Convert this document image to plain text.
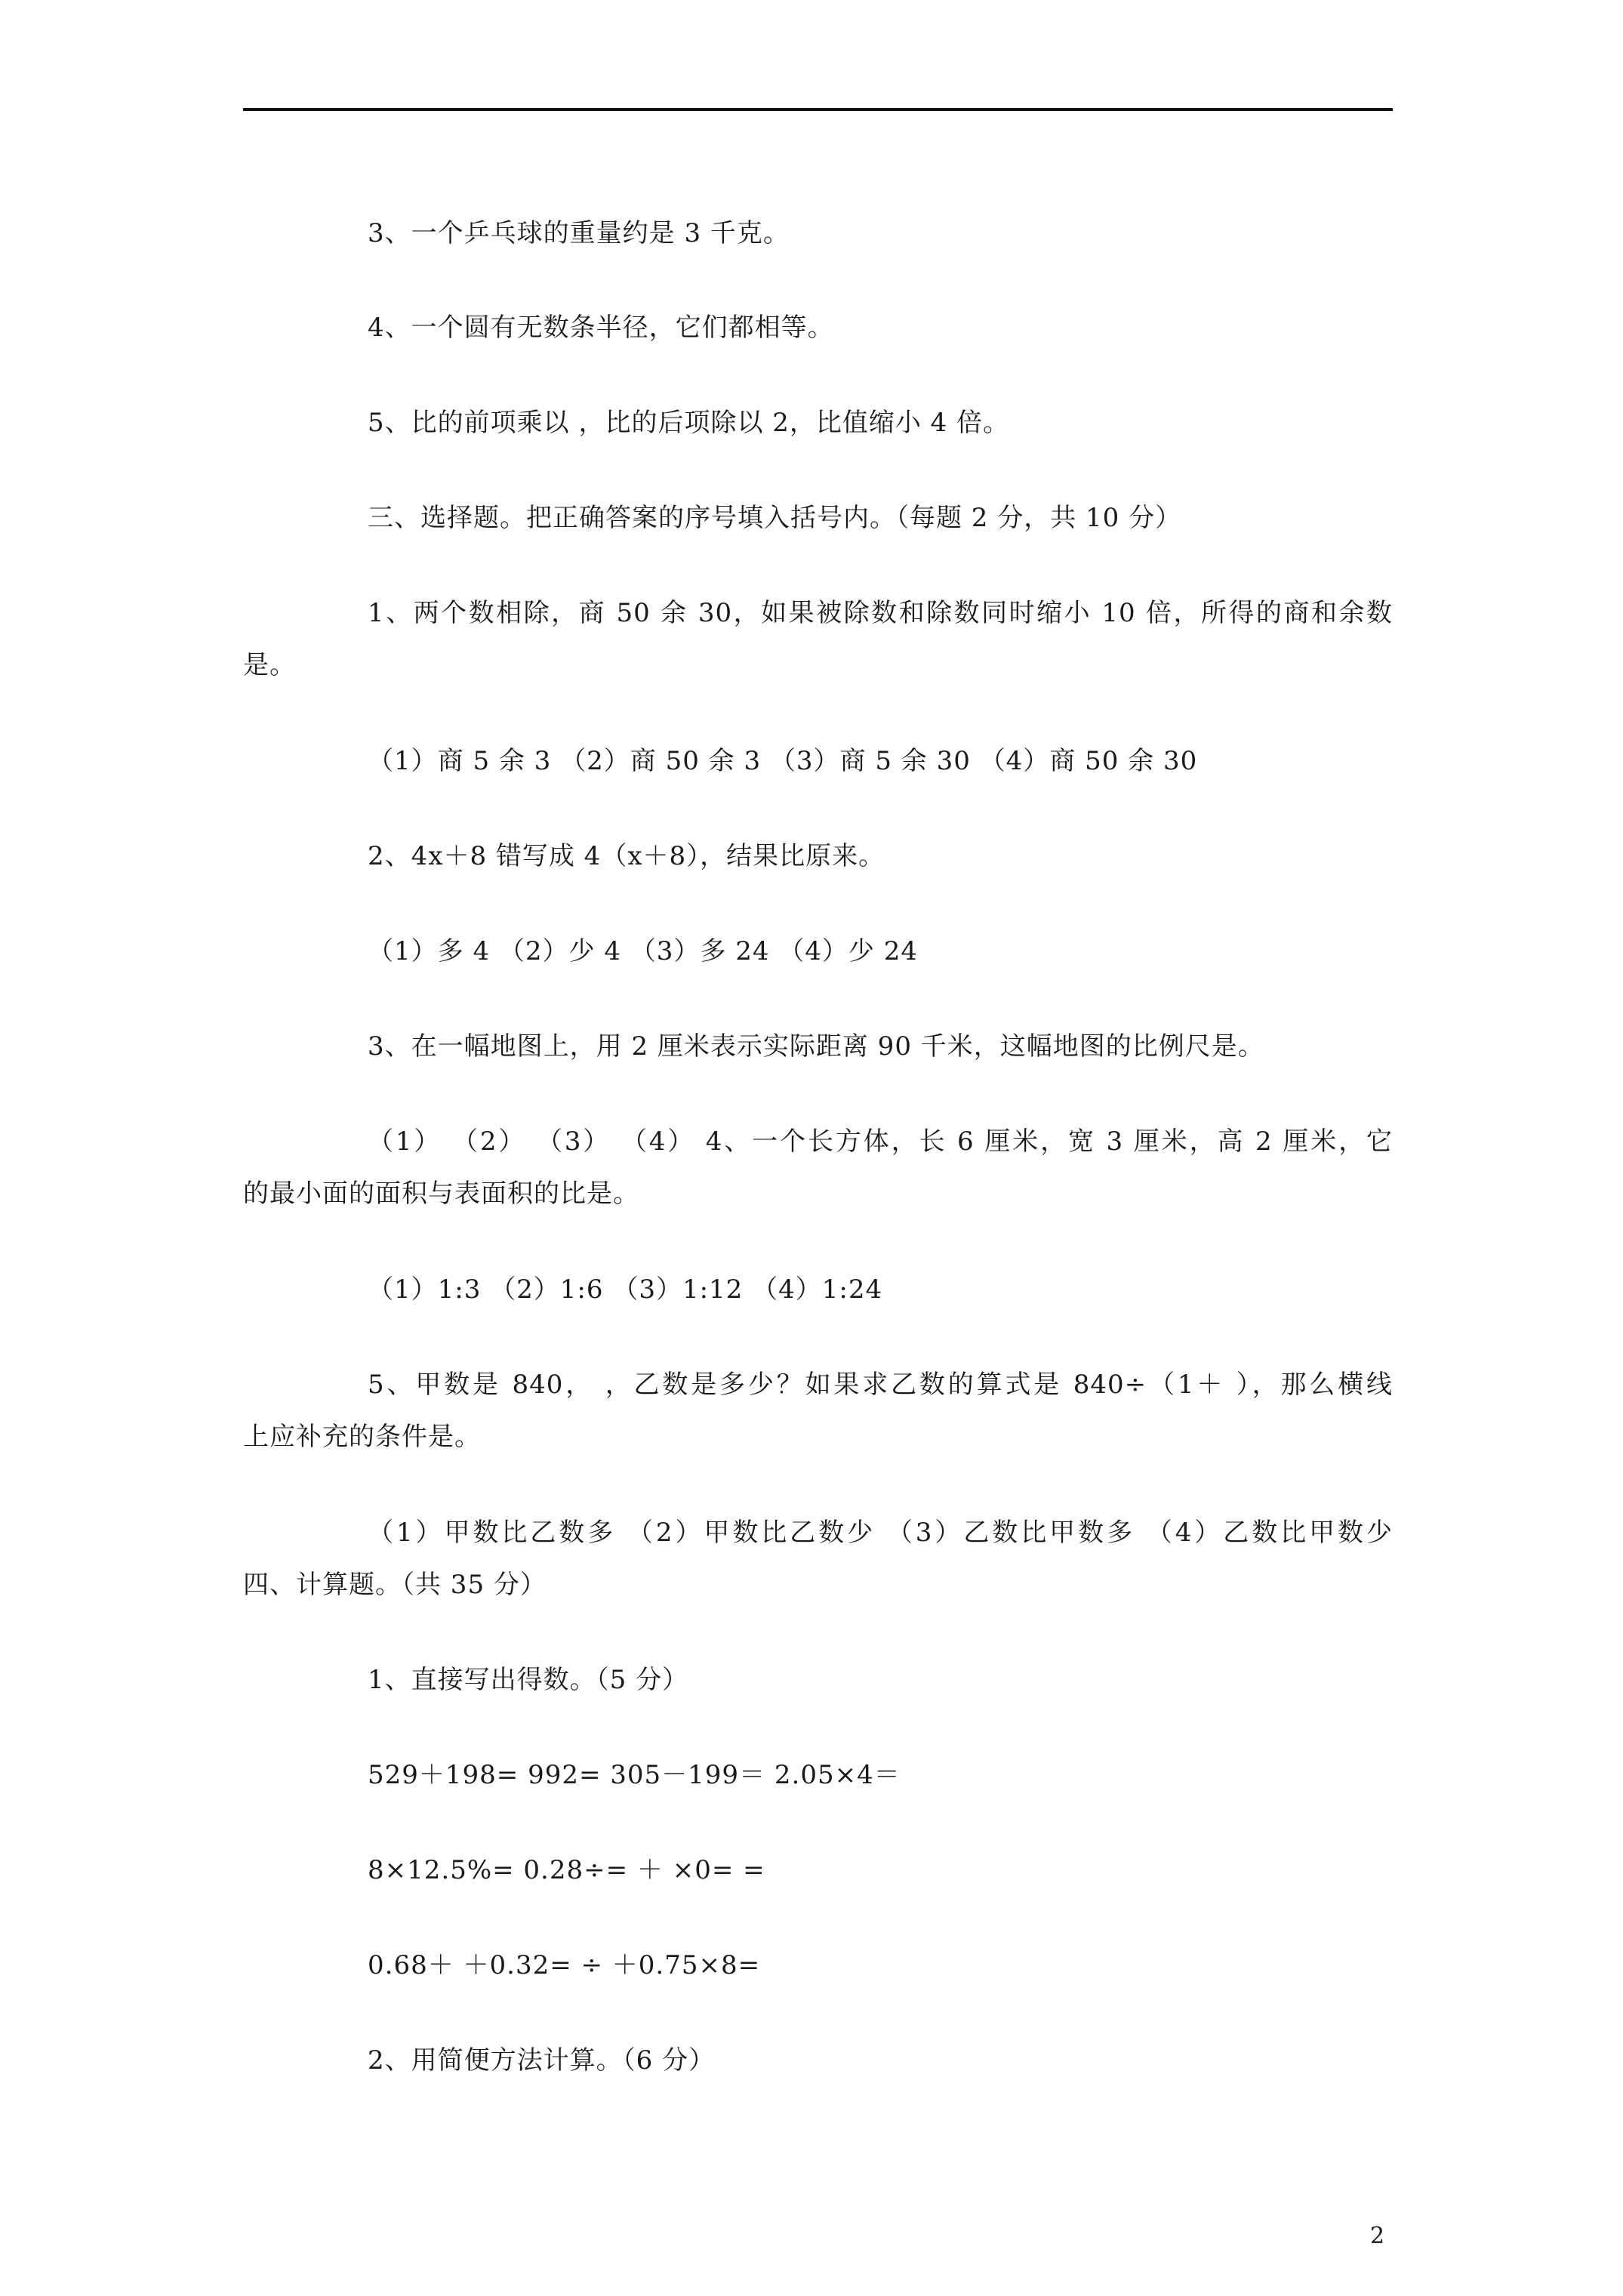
3、一个乒乓球的重量约是 3 千克。
4、一个圆有无数条半径，它们都相等。
5、比的前项乘以 ，比的后项除以 2，比值缩小 4 倍。
三、选择题。把正确答案的序号填入括号内。（每题 2 分，共 10 分）
1、两个数相除，商 50 余 30，如果被除数和除数同时缩小 10 倍，所得的商和余数
是。
（1）商 5 余 3 （2）商 50 余 3 （3）商 5 余 30 （4）商 50 余 30
2、4x＋8 错写成 4（x＋8），结果比原来。
（1）多 4 （2）少 4 （3）多 24 （4）少 24
3、在一幅地图上，用 2 厘米表示实际距离 90 千米，这幅地图的比例尺是。
（1） （2） （3） （4） 4、一个长方体，长 6 厘米，宽 3 厘米，高 2 厘米，它
的最小面的面积与表面积的比是。
（1）1:3 （2）1:6 （3）1:12 （4）1:24
5、甲数是 840， ，乙数是多少？如果求乙数的算式是 840÷（1＋ ），那么横线
上应补充的条件是。
（1）甲数比乙数多 （2）甲数比乙数少 （3）乙数比甲数多 （4）乙数比甲数少
四、计算题。（共 35 分）
1、直接写出得数。（5 分）
529＋198= 992= 305－199＝ 2.05×4＝
8×12.5%= 0.28÷= ＋ ×0= =
0.68＋ ＋0.32= ÷ ＋0.75×8=
2、用简便方法计算。（6 分）
2
